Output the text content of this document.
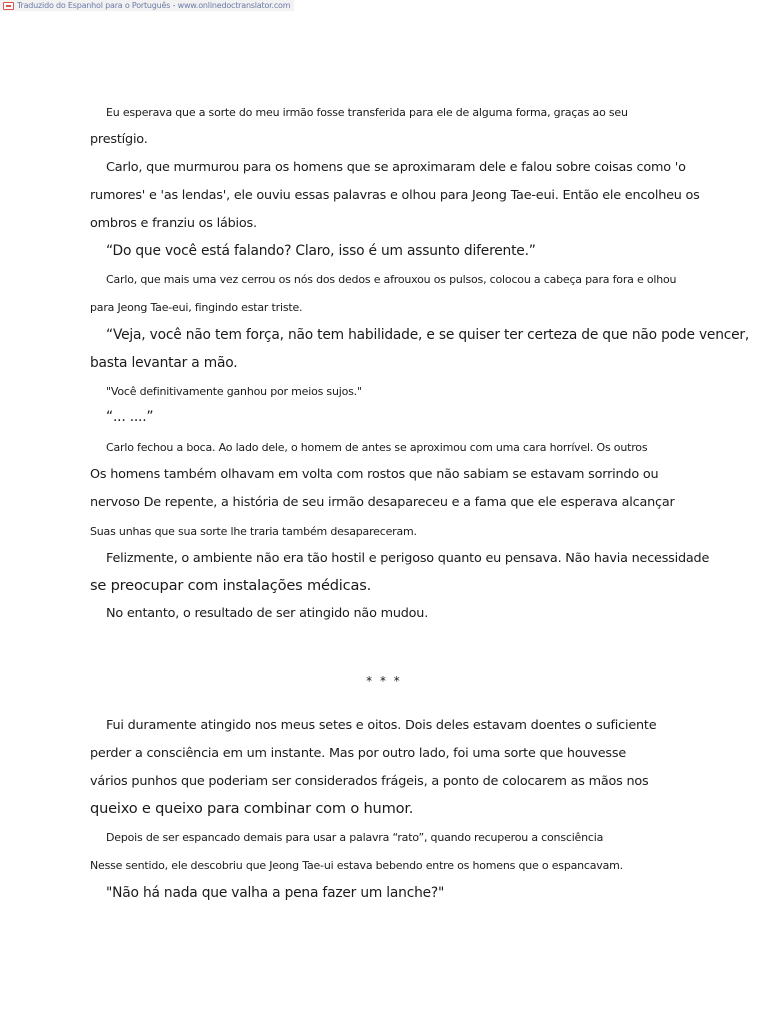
Traduzido do Espanhol para o Português - www.onlinedoctranslator.com

Eu esperava que a sorte do meu irmão fosse transferida para ele de alguma forma, graças ao seu

prestígio.

Carlo, que murmurou para os homens que se aproximaram dele e falou sobre coisas como 'o

rumores' e 'as lendas', ele ouviu essas palavras e olhou para Jeong Tae-eui. Então ele encolheu os

ombros e franziu os lábios.

“Do que você está falando? Claro, isso é um assunto diferente.”

Carlo, que mais uma vez cerrou os nós dos dedos e afrouxou os pulsos, colocou a cabeça para fora e olhou

para Jeong Tae-eui, fingindo estar triste.

“Veja, você não tem força, não tem habilidade, e se quiser ter certeza de que não pode vencer,

basta levantar a mão.

"Você definitivamente ganhou por meios sujos."

“... ....”

Carlo fechou a boca. Ao lado dele, o homem de antes se aproximou com uma cara horrível. Os outros

Os homens também olhavam em volta com rostos que não sabiam se estavam sorrindo ou

nervoso De repente, a história de seu irmão desapareceu e a fama que ele esperava alcançar

Suas unhas que sua sorte lhe traria também desapareceram.

Felizmente, o ambiente não era tão hostil e perigoso quanto eu pensava. Não havia necessidade

se preocupar com instalações médicas.

No entanto, o resultado de ser atingido não mudou.

* * *

Fui duramente atingido nos meus setes e oitos. Dois deles estavam doentes o suficiente

perder a consciência em um instante. Mas por outro lado, foi uma sorte que houvesse

vários punhos que poderiam ser considerados frágeis, a ponto de colocarem as mãos nos

queixo e queixo para combinar com o humor.

Depois de ser espancado demais para usar a palavra “rato”, quando recuperou a consciência

Nesse sentido, ele descobriu que Jeong Tae-ui estava bebendo entre os homens que o espancavam.

"Não há nada que valha a pena fazer um lanche?"
